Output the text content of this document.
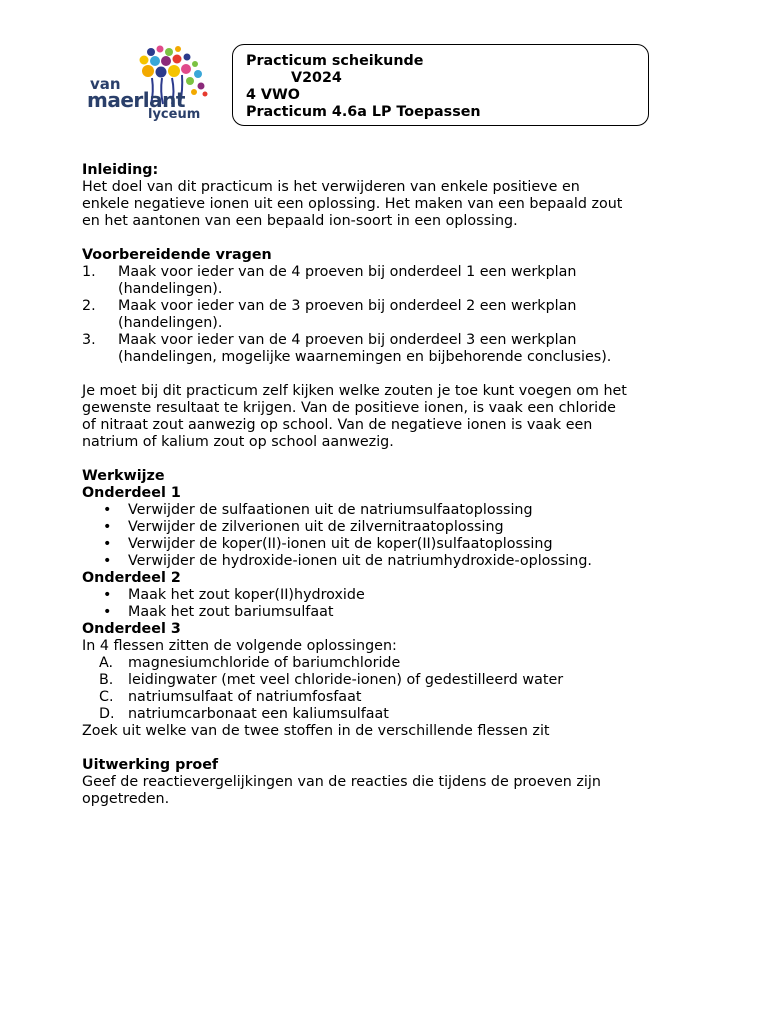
van
maerlant
lyceum
Practicum scheikunde
V2024
4 VWO
Practicum 4.6a LP Toepassen

Inleiding:

Het doel van dit practicum is het verwijderen van enkele positieve en

enkele negatieve ionen uit een oplossing. Het maken van een bepaald zout

en het aantonen van een bepaald ion-soort in een oplossing.

Voorbereidende vragen

1. Maak voor ieder van de 4 proeven bij onderdeel 1 een werkplan

(handelingen).

2. Maak voor ieder van de 3 proeven bij onderdeel 2 een werkplan

(handelingen).

3. Maak voor ieder van de 4 proeven bij onderdeel 3 een werkplan

(handelingen, mogelijke waarnemingen en bijbehorende conclusies).

Je moet bij dit practicum zelf kijken welke zouten je toe kunt voegen om het

gewenste resultaat te krijgen. Van de positieve ionen, is vaak een chloride

of nitraat zout aanwezig op school. Van de negatieve ionen is vaak een

natrium of kalium zout op school aanwezig.

Werkwijze

Onderdeel 1

• Verwijder de sulfaationen uit de natriumsulfaatoplossing
• Verwijder de zilverionen uit de zilvernitraatoplossing
• Verwijder de koper(II)-ionen uit de koper(II)sulfaatoplossing
• Verwijder de hydroxide-ionen uit de natriumhydroxide-oplossing.

Onderdeel 2

• Maak het zout koper(II)hydroxide
• Maak het zout bariumsulfaat

Onderdeel 3

In 4 flessen zitten de volgende oplossingen:

A. magnesiumchloride of bariumchloride
B. leidingwater (met veel chloride-ionen) of gedestilleerd water
C. natriumsulfaat of natriumfosfaat
D. natriumcarbonaat een kaliumsulfaat

Zoek uit welke van de twee stoffen in de verschillende flessen zit

Uitwerking proef

Geef de reactievergelijkingen van de reacties die tijdens de proeven zijn

opgetreden.
